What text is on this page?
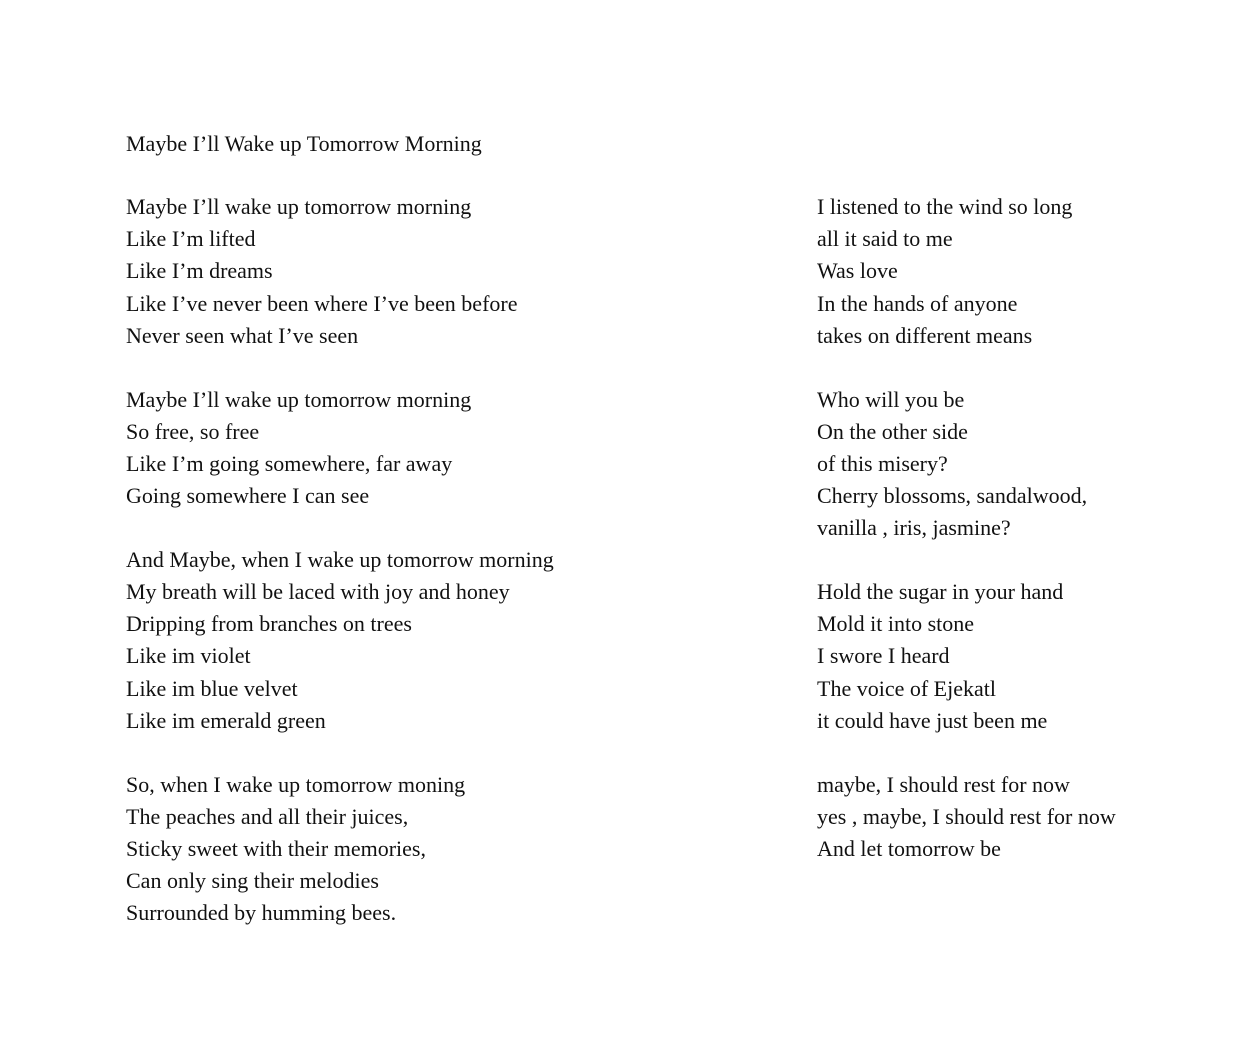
Maybe I’ll Wake up Tomorrow Morning
Maybe I’ll wake up tomorrow morning
Like I’m lifted
Like I’m dreams
Like I’ve never been where I’ve been before
Never seen what I’ve seen
Maybe I’ll wake up tomorrow morning
So free, so free
Like I’m going somewhere, far away
Going somewhere I can see
And Maybe, when I wake up tomorrow morning
My breath will be laced with joy and honey
Dripping from branches on trees
Like im violet
Like im blue velvet
Like im emerald green
So, when I wake up tomorrow moning
The peaches and all their juices,
Sticky sweet with their memories,
Can only sing their melodies
Surrounded by humming bees.
I listened to the wind so long
all it said to me
Was love
In the hands of anyone
takes on different means
Who will you be
On the other side
of this misery?
Cherry blossoms, sandalwood,
vanilla , iris, jasmine?
Hold the sugar in your hand
Mold it into stone
I swore I heard
The voice of Ejekatl
it could have just been me
maybe, I should rest for now
yes , maybe, I should rest for now
And let tomorrow be
